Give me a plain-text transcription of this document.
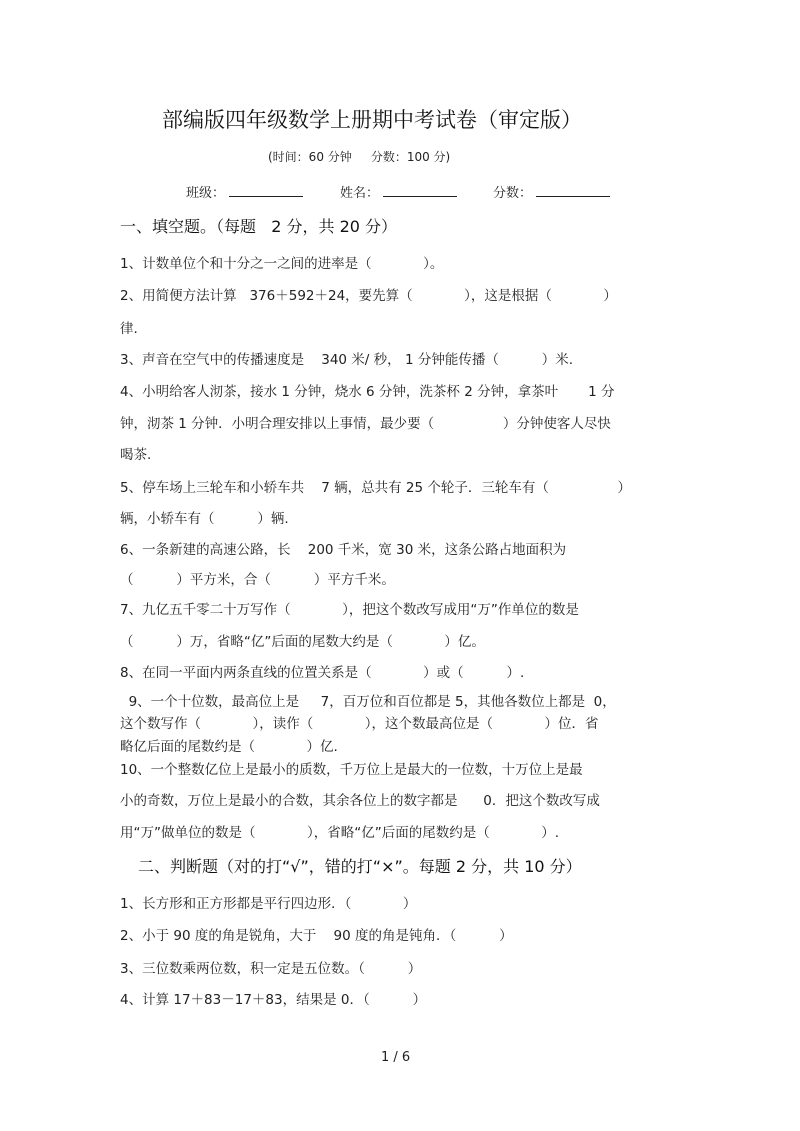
部编版四年级数学上册期中考试卷（审定版）
(时间：60 分钟     分数：100 分)
班级：	姓名：	分数：
一、填空题。（每题   2 分，共 20 分）
1、计数单位个和十分之一之间的进率是（            ）。
2、用简便方法计算   376＋592＋24，要先算（            ），这是根据（            ）
律.
3、声音在空气中的传播速度是    340 米/ 秒， 1 分钟能传播（          ）米.
4、小明给客人沏茶，接水 1 分钟，烧水 6 分钟，洗茶杯 2 分钟，拿茶叶       1 分
钟，沏茶 1 分钟．小明合理安排以上事情，最少要（                ）分钟使客人尽快
喝茶.
5、停车场上三轮车和小轿车共    7 辆，总共有 25 个轮子．三轮车有（                ）
辆，小轿车有（          ）辆.
6、一条新建的高速公路，长    200 千米，宽 30 米，这条公路占地面积为
（          ）平方米，合（          ）平方千米。
7、九亿五千零二十万写作（            ），把这个数改写成用“万”作单位的数是
（          ）万，省略“亿”后面的尾数大约是（            ）亿。
8、在同一平面内两条直线的位置关系是（            ）或（          ）.
9、一个十位数，最高位上是     7，百万位和百位都是 5，其他各数位上都是  0，
这个数写作（            ），读作（            ），这个数最高位是（            ）位．省
略亿后面的尾数约是（            ）亿.
10、一个整数亿位上是最小的质数，千万位上是最大的一位数，十万位上是最
小的奇数，万位上是最小的合数，其余各位上的数字都是      0．把这个数改写成
用“万”做单位的数是（            ），省略“亿”后面的尾数约是（            ）.
二、判断题（对的打“√”，错的打“×”。每题 2 分，共 10 分）
1、长方形和正方形都是平行四边形．（            ）
2、小于 90 度的角是锐角，大于    90 度的角是钝角．（          ）
3、三位数乘两位数，积一定是五位数。（          ）
4、计算 17＋83－17＋83，结果是 0．（          ）
1 / 6
